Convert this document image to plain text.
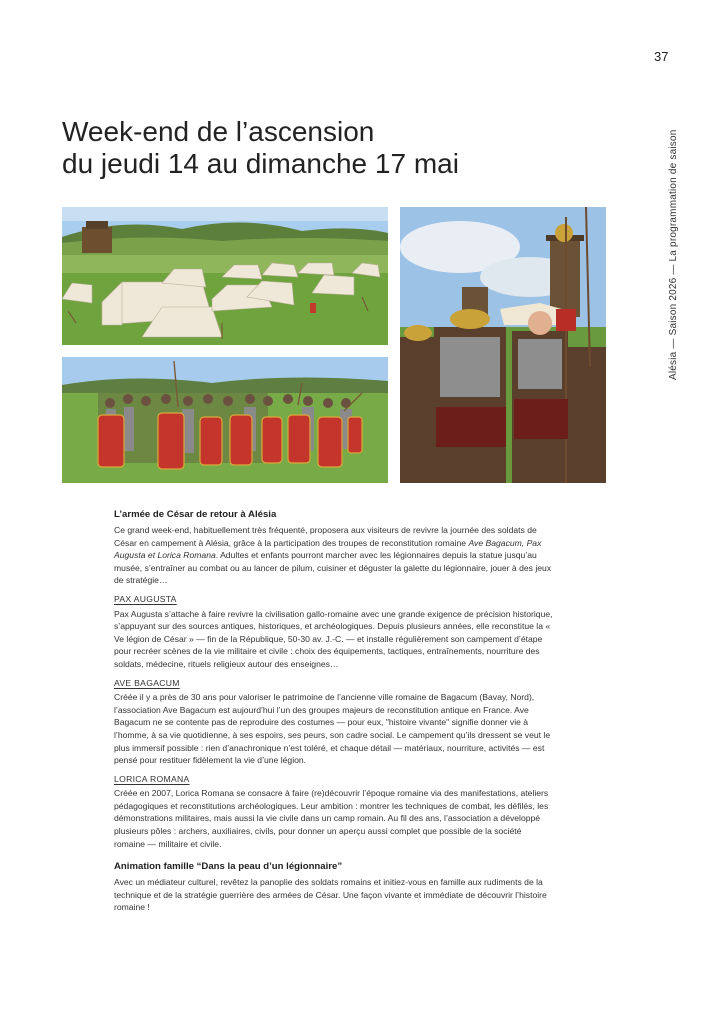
37
Alésia — Saison 2026 — La programmation de saison
Week-end de l’ascension
du jeudi 14 au dimanche 17 mai
L’armée de César de retour à Alésia

Ce grand week-end, habituellement très fréquenté, proposera aux visiteurs de revivre la journée des soldats de César en campement à Alésia, grâce à la participation des troupes de reconstitution romaine Ave Bagacum, Pax Augusta et Lorica Romana. Adultes et enfants pourront marcher avec les légionnaires depuis la statue jusqu’au musée, s’entraîner au combat ou au lancer de pilum, cuisiner et déguster la galette du légionnaire, jouer à des jeux de stratégie…

PAX AUGUSTA

Pax Augusta s’attache à faire revivre la civilisation gallo-romaine avec une grande exigence de précision historique, s’appuyant sur des sources antiques, historiques, et archéologiques. Depuis plusieurs années, elle reconstitue la « Ve légion de César » — fin de la République, 50-30 av. J.-C. — et installe régulièrement son campement d’étape pour recréer scènes de la vie militaire et civile : choix des équipements, tactiques, entraînements, nourriture des soldats, médecine, rituels religieux autour des enseignes…

AVE BAGACUM

Créée il y a près de 30 ans pour valoriser le patrimoine de l’ancienne ville romaine de Bagacum (Bavay, Nord), l’association Ave Bagacum est aujourd’hui l’un des groupes majeurs de reconstitution antique en France. Ave Bagacum ne se contente pas de reproduire des costumes — pour eux, "histoire vivante" signifie donner vie à l’homme, à sa vie quotidienne, à ses espoirs, ses peurs, son cadre social. Le campement qu’ils dressent se veut le plus immersif possible : rien d’anachronique n’est toléré, et chaque détail — matériaux, nourriture, activités — est pensé pour restituer fidèlement la vie d’une légion.

LORICA ROMANA

Créée en 2007, Lorica Romana se consacre à faire (re)découvrir l’époque romaine via des manifestations, ateliers pédagogiques et reconstitutions archéologiques. Leur ambition : montrer les techniques de combat, les défilés, les démonstrations militaires, mais aussi la vie civile dans un camp romain. Au fil des ans, l’association a développé plusieurs pôles : archers, auxiliaires, civils, pour donner un aperçu aussi complet que possible de la société romaine — militaire et civile.

Animation famille “Dans la peau d’un légionnaire”

Avec un médiateur culturel, revêtez la panoplie des soldats romains et initiez-vous en famille aux rudiments de la technique et de la stratégie guerrière des armées de César. Une façon vivante et immédiate de découvrir l’histoire romaine !
